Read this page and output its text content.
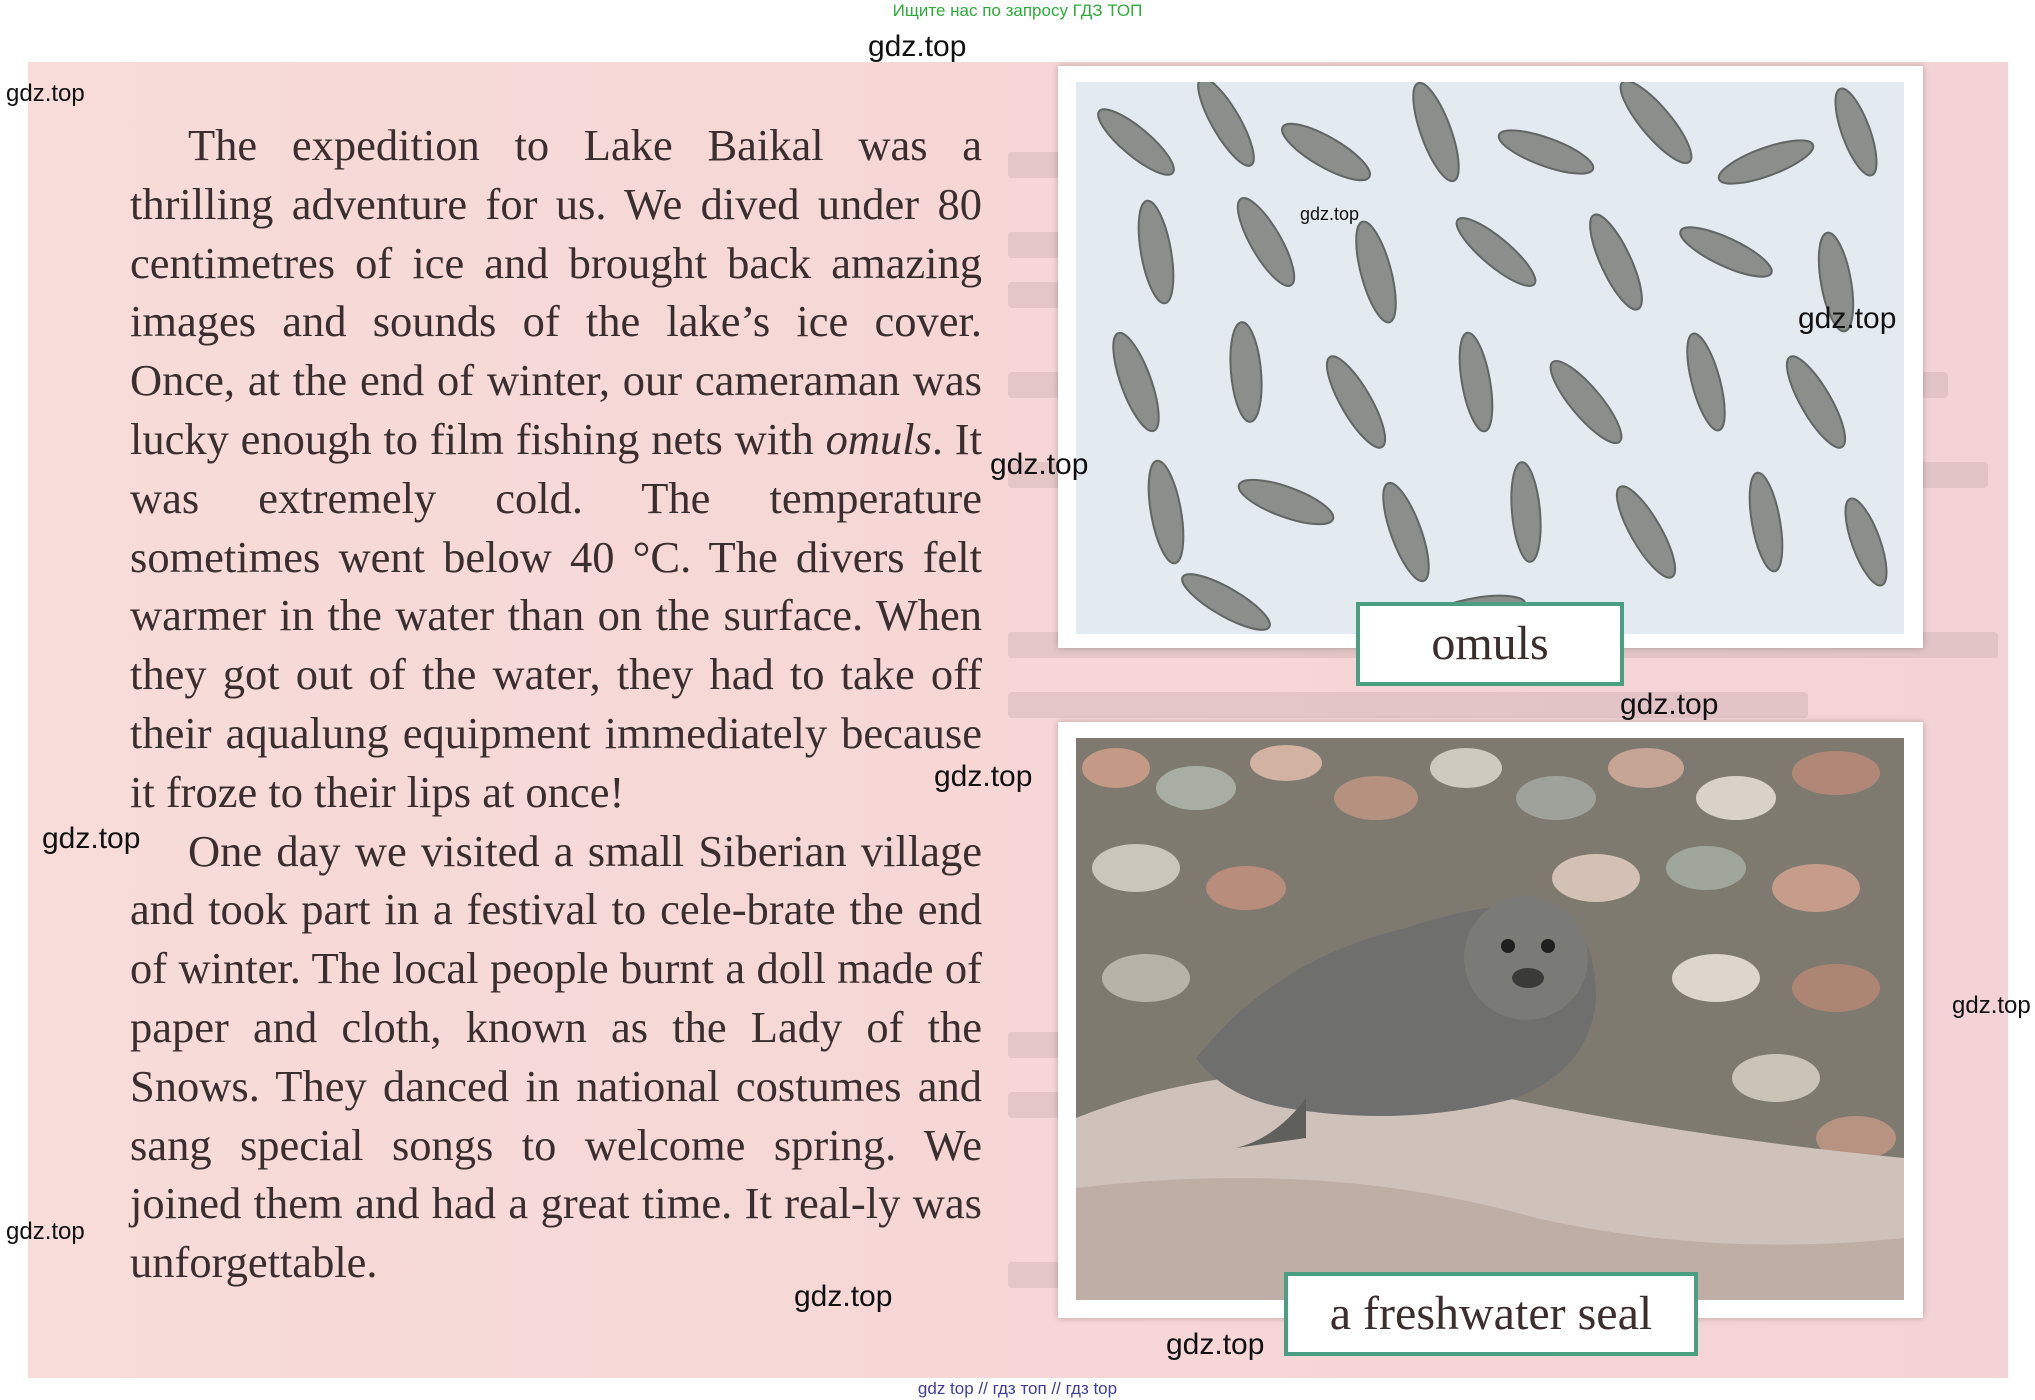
Ищите нас по запросу ГДЗ ТОП

The expedition to Lake Baikal was a thrilling adventure for us. We dived under 80 centimetres of ice and brought back amazing images and sounds of the lake’s ice cover. Once, at the end of winter, our cameraman was lucky enough to film fishing nets with omuls. It was extremely cold. The temperature sometimes went below 40 °C. The divers felt warmer in the water than on the surface. When they got out of the water, they had to take off their aqualung equipment immediately because it froze to their lips at once!

One day we visited a small Siberian village and took part in a festival to cele-brate the end of winter. The local people burnt a doll made of paper and cloth, known as the Lady of the Snows. They danced in national costumes and sang special songs to welcome spring. We joined them and had a great time. It real-ly was unforgettable.

omuls
a freshwater seal
gdz.top
gdz.top
gdz.top
gdz.top
gdz.top
gdz.top
gdz.top
gdz.top
gdz.top
gdz.top
gdz.top
gdz.top
gdz top // гдз топ // гдз top
